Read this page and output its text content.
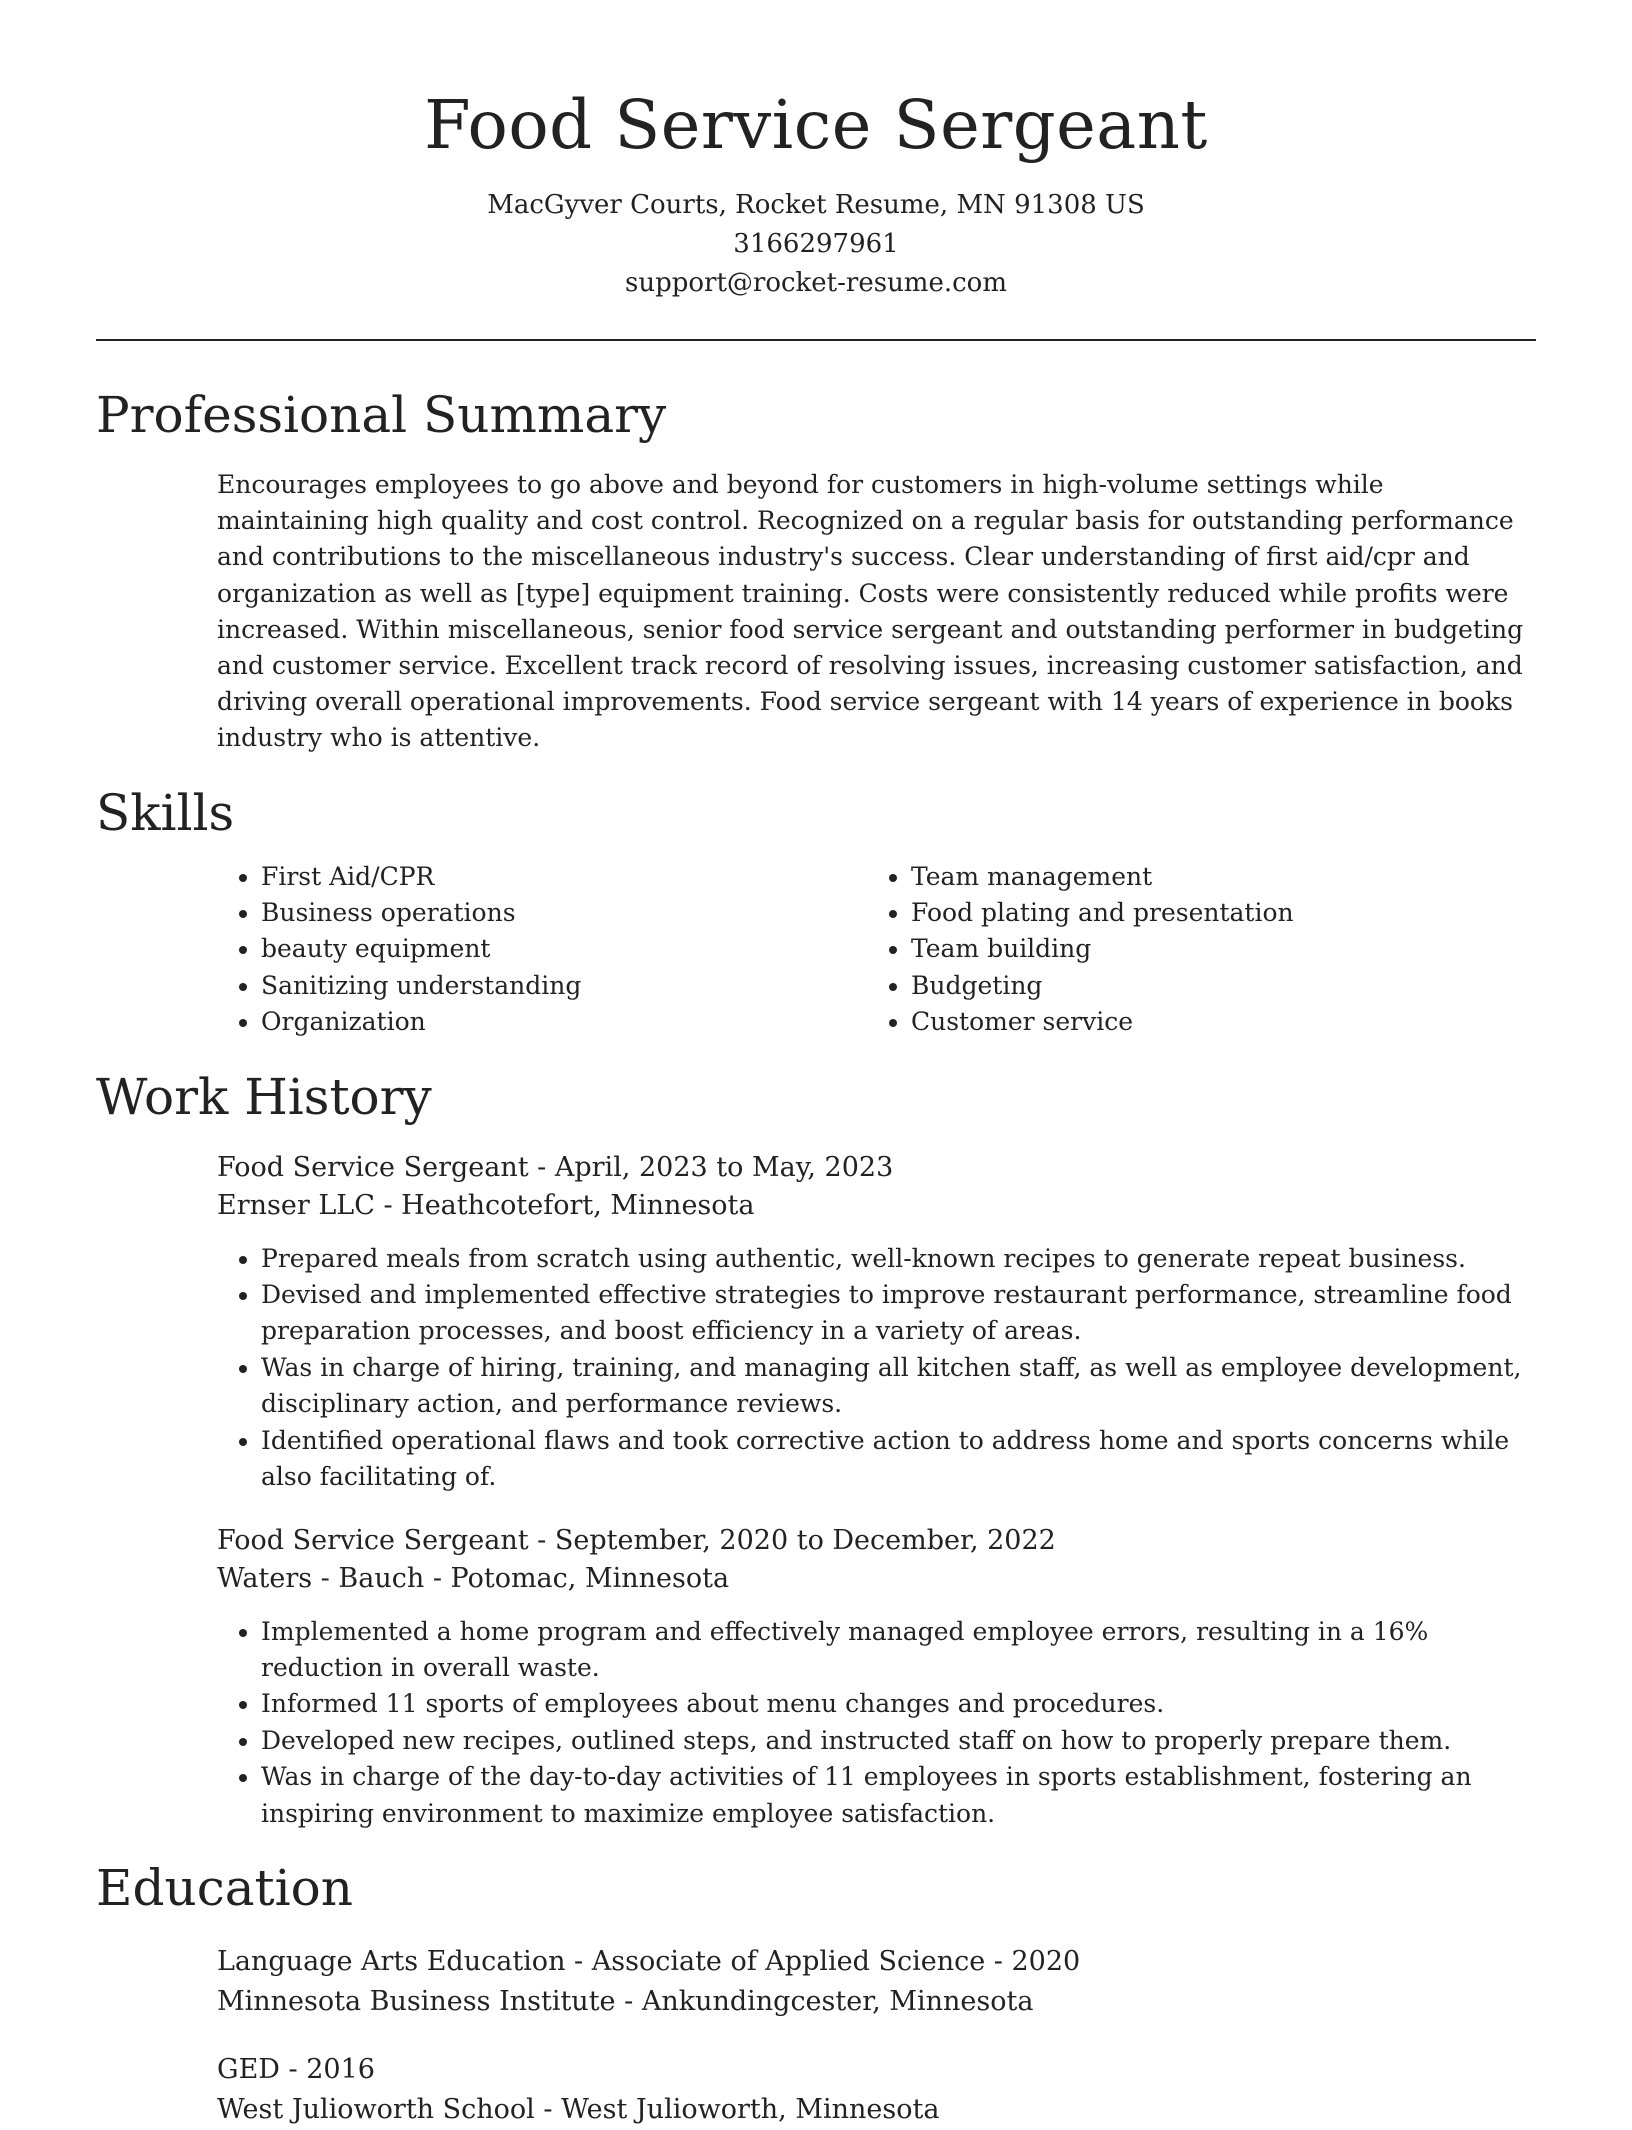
Food Service Sergeant
MacGyver Courts, Rocket Resume, MN 91308 US
3166297961
support@rocket-resume.com
Professional Summary

Encourages employees to go above and beyond for customers in high-volume settings while maintaining high quality and cost control. Recognized on a regular basis for outstanding performance and contributions to the miscellaneous industry's success. Clear understanding of first aid/cpr and organization as well as [type] equipment training. Costs were consistently reduced while profits were increased. Within miscellaneous, senior food service sergeant and outstanding performer in budgeting and customer service. Excellent track record of resolving issues, increasing customer satisfaction, and driving overall operational improvements. Food service sergeant with 14 years of experience in books industry who is attentive.

Skills
• First Aid/CPR
• Business operations
• beauty equipment
• Sanitizing understanding
• Organization
• Team management
• Food plating and presentation
• Team building
• Budgeting
• Customer service
Work History
Food Service Sergeant - April, 2023 to May, 2023
Ernser LLC - Heathcotefort, Minnesota
• Prepared meals from scratch using authentic, well-known recipes to generate repeat business.
• Devised and implemented effective strategies to improve restaurant performance, streamline food preparation processes, and boost efficiency in a variety of areas.
• Was in charge of hiring, training, and managing all kitchen staff, as well as employee development, disciplinary action, and performance reviews.
• Identified operational flaws and took corrective action to address home and sports concerns while also facilitating of.
Food Service Sergeant - September, 2020 to December, 2022
Waters - Bauch - Potomac, Minnesota
• Implemented a home program and effectively managed employee errors, resulting in a 16% reduction in overall waste.
• Informed 11 sports of employees about menu changes and procedures.
• Developed new recipes, outlined steps, and instructed staff on how to properly prepare them.
• Was in charge of the day-to-day activities of 11 employees in sports establishment, fostering an inspiring environment to maximize employee satisfaction.
Education
Language Arts Education - Associate of Applied Science - 2020
Minnesota Business Institute - Ankundingcester, Minnesota
GED - 2016
West Julioworth School - West Julioworth, Minnesota
